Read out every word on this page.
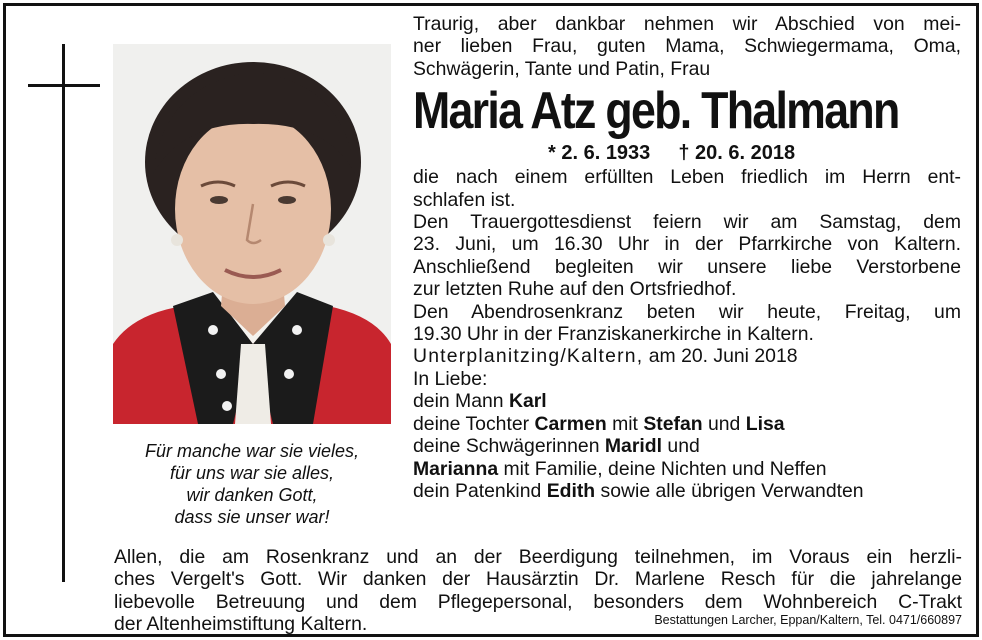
Für manche war sie vieles,
für uns war sie alles,
wir danken Gott,
dass sie unser war!
Traurig, aber dankbar nehmen wir Abschied von mei-
ner lieben Frau, guten Mama, Schwiegermama, Oma,
Schwägerin, Tante und Patin, Frau
Maria Atz geb. Thalmann
* 2. 6. 1933 † 20. 6. 2018
die nach einem erfüllten Leben friedlich im Herrn ent-
schlafen ist.
Den Trauergottesdienst feiern wir am Samstag, dem
23. Juni, um 16.30 Uhr in der Pfarrkirche von Kaltern.
Anschließend begleiten wir unsere liebe Verstorbene
zur letzten Ruhe auf den Ortsfriedhof.
Den Abendrosenkranz beten wir heute, Freitag, um
19.30 Uhr in der Franziskanerkirche in Kaltern.
Unterplanitzing/Kaltern, am 20. Juni 2018
In Liebe:
dein Mann Karl
deine Tochter Carmen mit Stefan und Lisa
deine Schwägerinnen Maridl und
Marianna mit Familie, deine Nichten und Neffen
dein Patenkind Edith sowie alle übrigen Verwandten
Allen, die am Rosenkranz und an der Beerdigung teilnehmen, im Voraus ein herzli-
ches Vergelt's Gott. Wir danken der Hausärztin Dr. Marlene Resch für die jahrelange
liebevolle Betreuung und dem Pflegepersonal, besonders dem Wohnbereich C-Trakt
der Altenheimstiftung Kaltern.	Bestattungen Larcher, Eppan/Kaltern, Tel. 0471/660897
